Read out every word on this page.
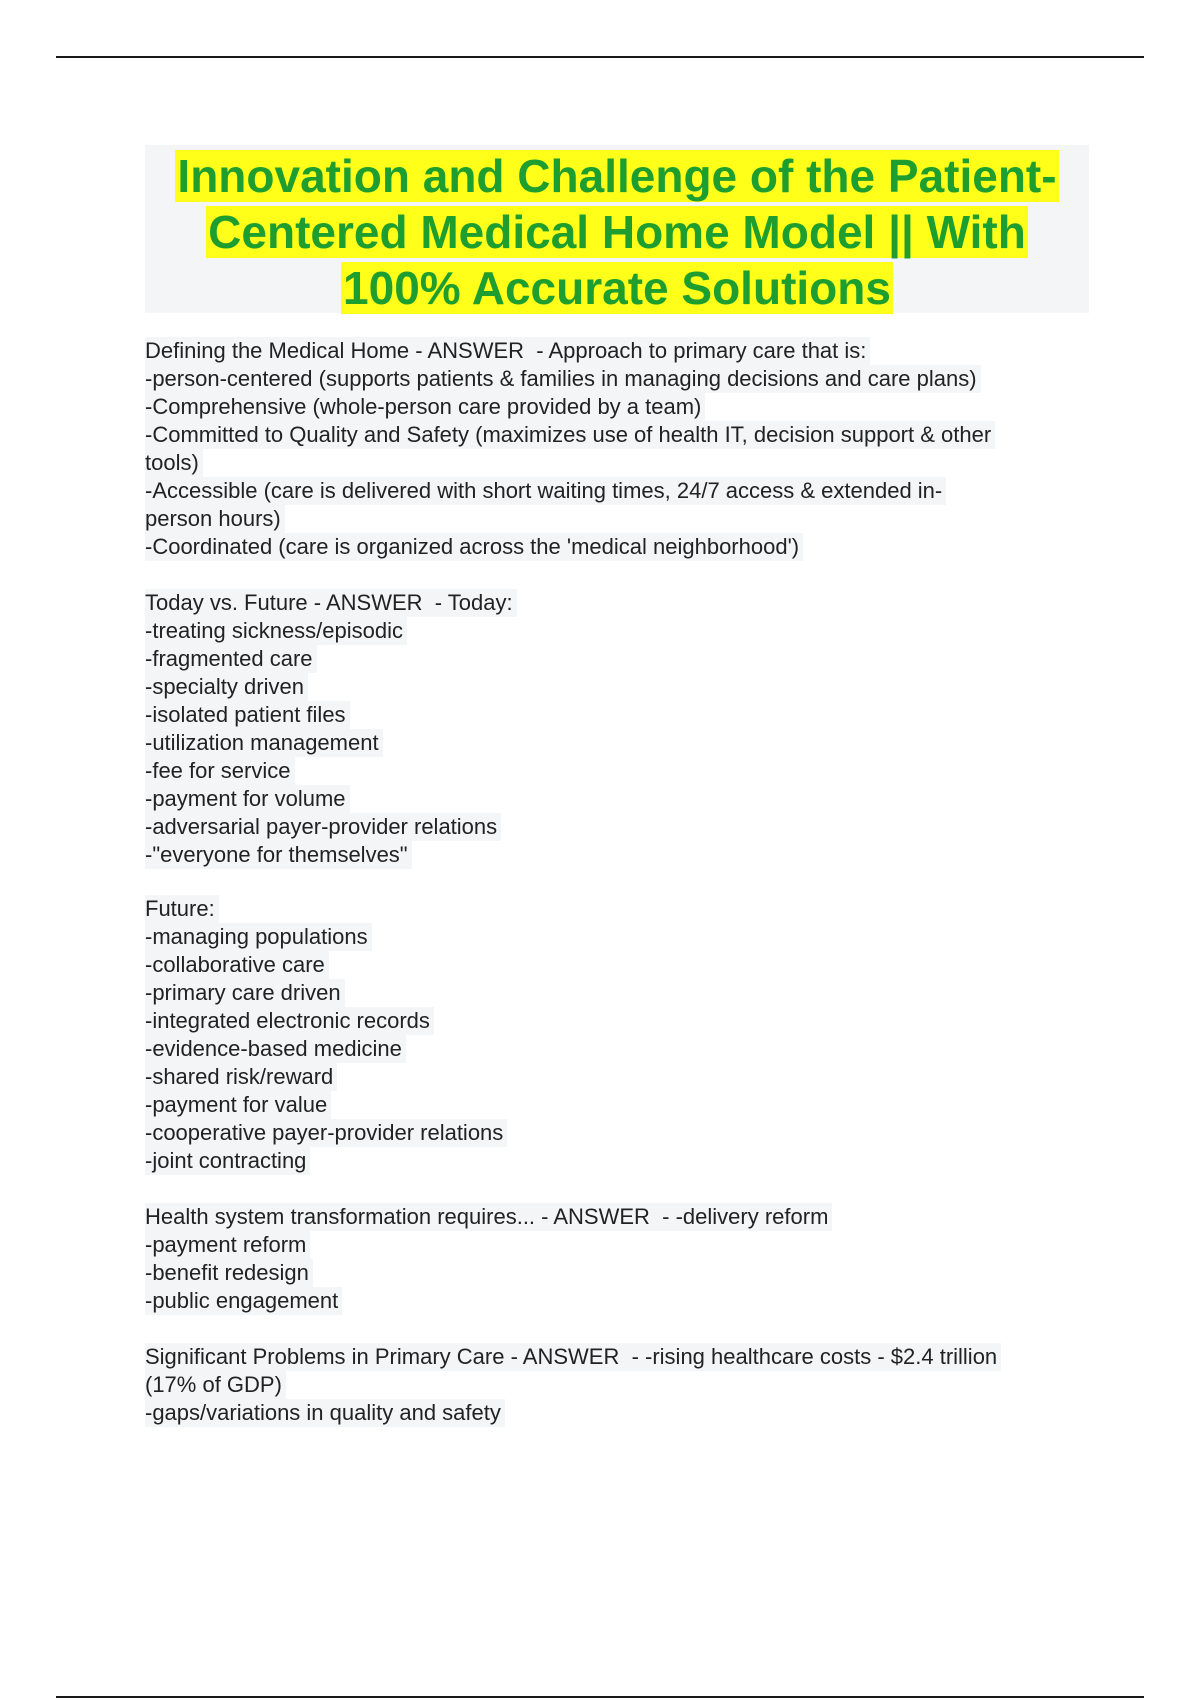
Innovation and Challenge of the Patient-
Centered Medical Home Model || With
100% Accurate Solutions
Defining the Medical Home - ANSWER  - Approach to primary care that is:
-person-centered (supports patients & families in managing decisions and care plans)
-Comprehensive (whole-person care provided by a team)
-Committed to Quality and Safety (maximizes use of health IT, decision support & other
tools)
-Accessible (care is delivered with short waiting times, 24/7 access & extended in-
person hours)
-Coordinated (care is organized across the 'medical neighborhood')
Today vs. Future - ANSWER  - Today:
-treating sickness/episodic
-fragmented care
-specialty driven
-isolated patient files
-utilization management
-fee for service
-payment for volume
-adversarial payer-provider relations
-"everyone for themselves"
Future:
-managing populations
-collaborative care
-primary care driven
-integrated electronic records
-evidence-based medicine
-shared risk/reward
-payment for value
-cooperative payer-provider relations
-joint contracting
Health system transformation requires... - ANSWER  - -delivery reform
-payment reform
-benefit redesign
-public engagement
Significant Problems in Primary Care - ANSWER  - -rising healthcare costs - $2.4 trillion
(17% of GDP)
-gaps/variations in quality and safety
